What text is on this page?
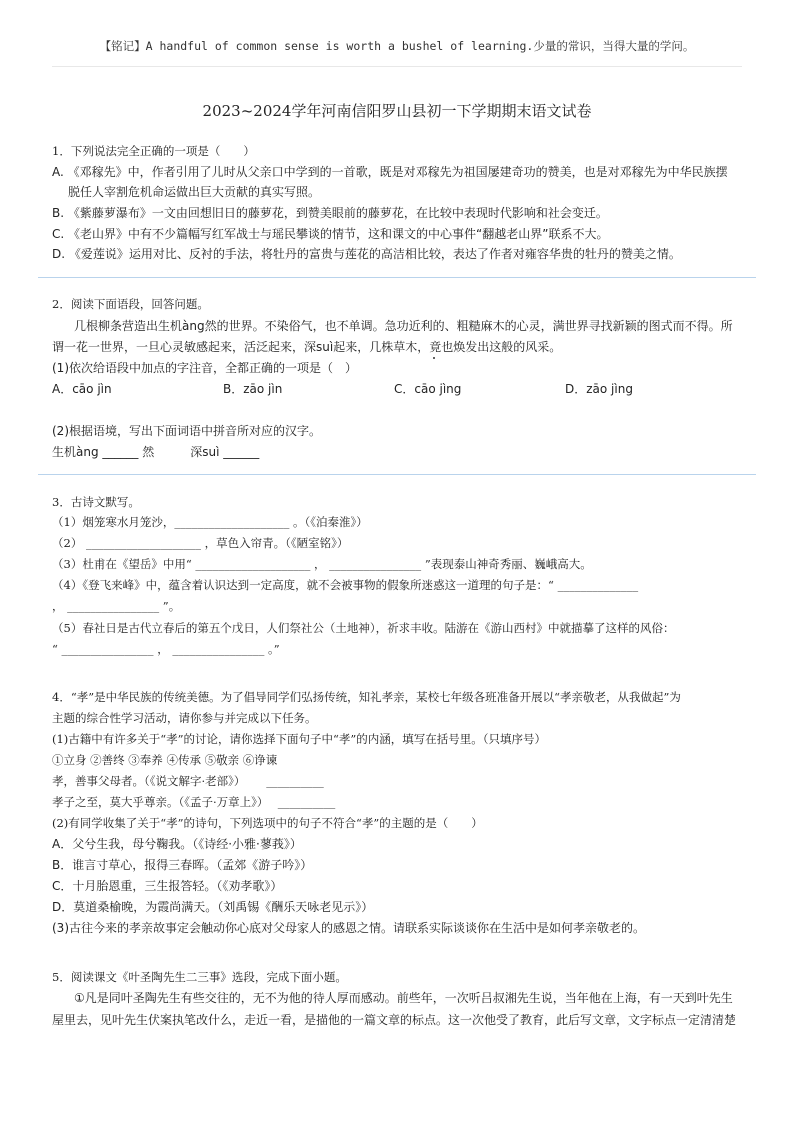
【铭记】A handful of common sense is worth a bushel of learning.少量的常识，当得大量的学问。
2023~2024学年河南信阳罗山县初一下学期期末语文试卷
1．下列说法完全正确的一项是（　　）
A. 《邓稼先》中，作者引用了儿时从父亲口中学到的一首歌，既是对邓稼先为祖国屡建奇功的赞美，也是对邓稼先为中华民族摆
脱任人宰割危机命运做出巨大贡献的真实写照。
B. 《紫藤萝瀑布》一文由回想旧日的藤萝花，到赞美眼前的藤萝花，在比较中表现时代影响和社会变迁。
C. 《老山界》中有不少篇幅写红军战士与瑶民攀谈的情节，这和课文的中心事件“翻越老山界”联系不大。
D. 《爱莲说》运用对比、反衬的手法，将牡丹的富贵与莲花的高洁相比较，表达了作者对雍容华贵的牡丹的赞美之情。
2．阅读下面语段，回答问题。
几根柳条营造出生机àng然的世界。不染俗气，也不单调。急功近利的、粗糙麻木的心灵，满世界寻找新颖的图式而不得。所
谓一花一世界，一旦心灵敏感起来，活泛起来，深suì起来，几株草木，竟也焕发出这般的风采。
(1)依次给语段中加点的字注音，全都正确的一项是（　）
A．cāo jìn	B．zāo jìn	C．cāo jìng	D．zāo jìng
(2)根据语境，写出下面词语中拼音所对应的汉字。
生机àng ______ 然　　　深suì ______
3．古诗文默写。
（1）烟笼寒水月笼沙，____________________ 。（《泊秦淮》）
（2） ____________________ ，草色入帘青。（《陋室铭》）
（3）杜甫在《望岳》中用“ ____________________ ， ________________ ”表现泰山神奇秀丽、巍峨高大。
（4）《登飞来峰》中，蕴含着认识达到一定高度，就不会被事物的假象所迷惑这一道理的句子是：“ ______________
， ________________ ”。
（5）春社日是古代立春后的第五个戊日，人们祭社公（土地神），祈求丰收。陆游在《游山西村》中就描摹了这样的风俗：
“ ________________ ， ________________ 。”
4．“孝”是中华民族的传统美德。为了倡导同学们弘扬传统，知礼孝亲，某校七年级各班准备开展以“孝亲敬老，从我做起”为
主题的综合性学习活动，请你参与并完成以下任务。
(1)古籍中有许多关于“孝”的讨论，请你选择下面句子中“孝”的内涵，填写在括号里。（只填序号）
①立身 ②善终 ③奉养 ④传承 ⑤敬亲 ⑥诤谏
孝，善事父母者。（《说文解字·老部》）　　 __________
孝子之至，莫大乎尊亲。（《孟子·万章上》）　 __________
(2)有同学收集了关于“孝”的诗句，下列选项中的句子不符合“孝”的主题的是（　　）
A．父兮生我，母兮鞠我。（《诗经·小雅·蓼莪》）
B．谁言寸草心，报得三春晖。（孟郊《游子吟》）
C．十月胎恩重，三生报答轻。（《劝孝歌》）
D．莫道桑榆晚，为霞尚满天。（刘禹锡《酬乐天咏老见示》）
(3)古往今来的孝亲故事定会触动你心底对父母家人的感恩之情。请联系实际谈谈你在生活中是如何孝亲敬老的。
5．阅读课文《叶圣陶先生二三事》选段，完成下面小题。
①凡是同叶圣陶先生有些交往的，无不为他的待人厚而感动。前些年，一次听吕叔湘先生说，当年他在上海，有一天到叶先生
屋里去，见叶先生伏案执笔改什么，走近一看，是描他的一篇文章的标点。这一次他受了教育，此后写文章，文字标点一定清清楚
